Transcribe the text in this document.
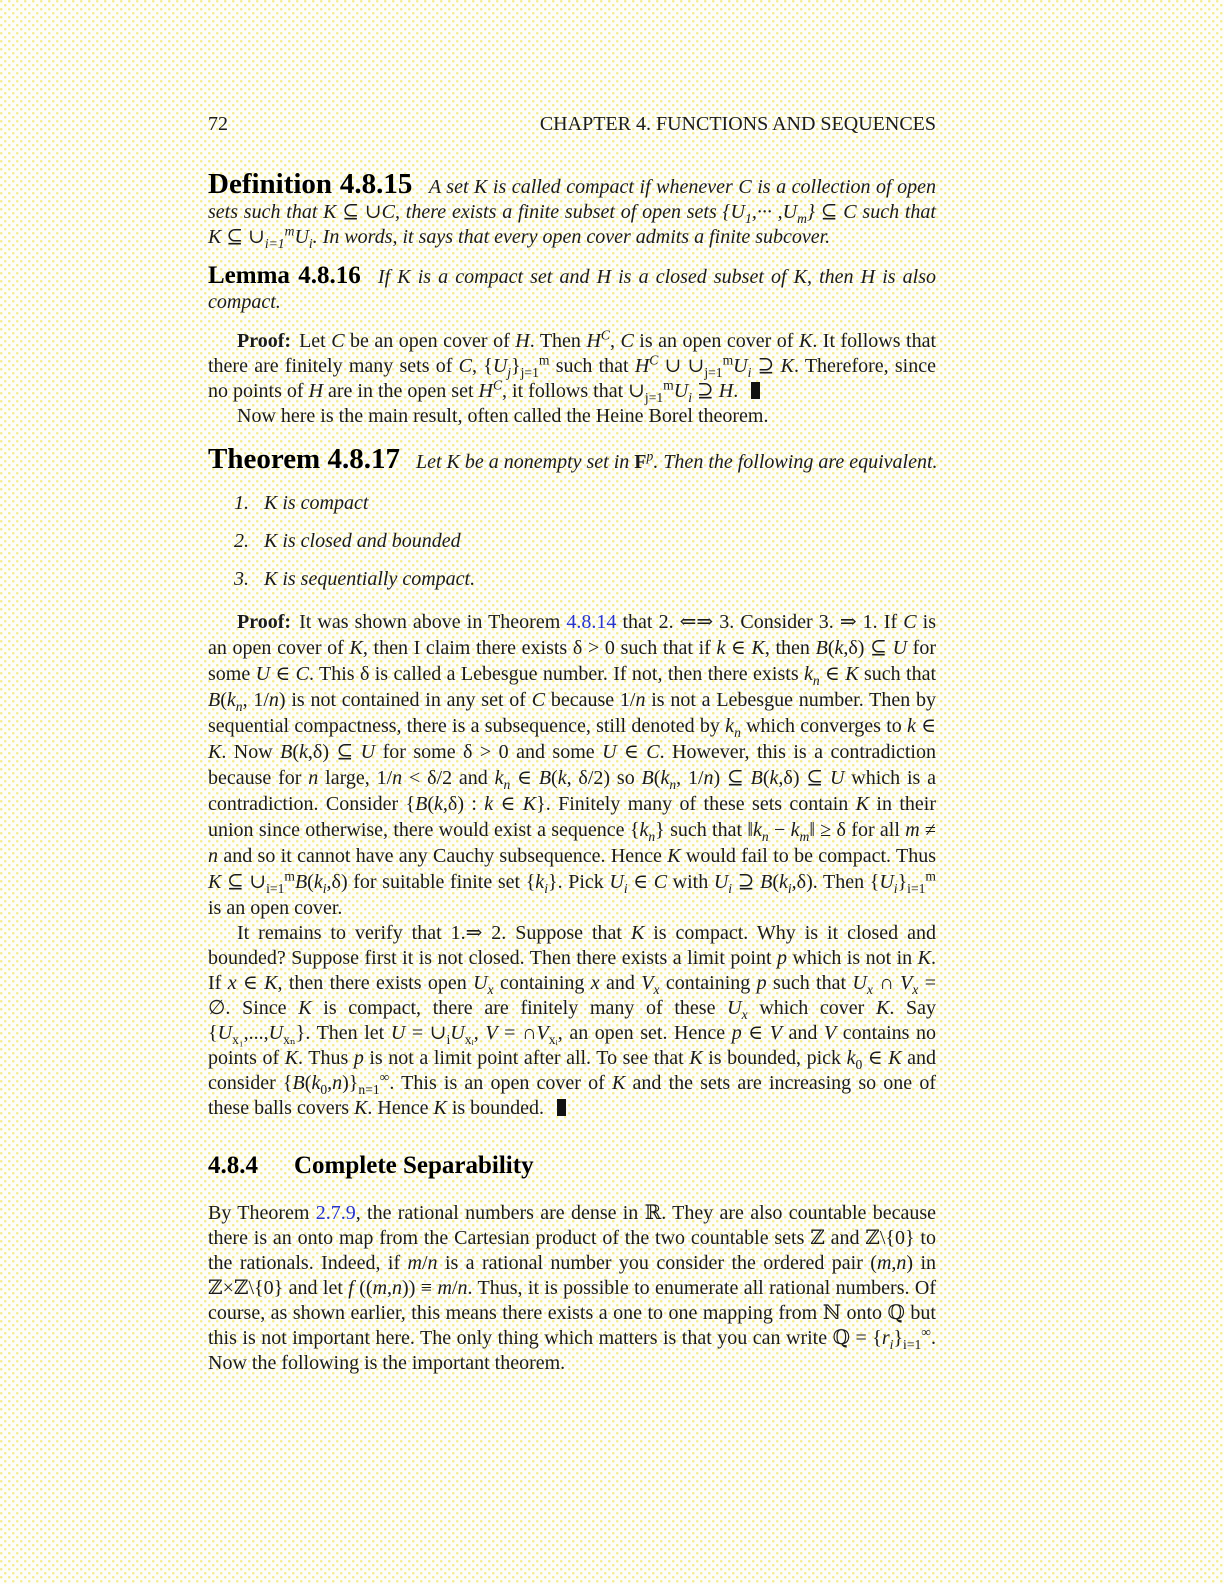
72	CHAPTER 4. FUNCTIONS AND SEQUENCES

Definition 4.8.15 A set K is called compact if whenever C is a collection of open sets such that K ⊆ ∪C, there exists a finite subset of open sets $\{U_1,\cdot\cdot\cdot ,U_m\}$ ⊆ C such that K ⊆ $\cup_{i=1}^mU_i$. In words, it says that every open cover admits a finite subcover.

Lemma 4.8.16 If K is a compact set and H is a closed subset of K, then H is also compact.

Proof: Let C be an open cover of H. Then $H^C$, C is an open cover of K. It follows that there are finitely many sets of C, $\{U_j\}_{j=1}^m$ such that $H^C$ ∪ $\cup_{j=1}^mU_i$ ⊇ K. Therefore, since no points of H are in the open set $H^C$, it follows that $\cup_{j=1}^mU_i$ ⊇ H.

Now here is the main result, often called the Heine Borel theorem.

Theorem 4.8.17 Let K be a nonempty set in $F^p$. Then the following are equivalent.

1. K is compact
2. K is closed and bounded
3. K is sequentially compact.

Proof: It was shown above in Theorem 4.8.14 that 2. ⇐⇒ 3. Consider 3. ⇒ 1. If C is an open cover of K, then I claim there exists δ > 0 such that if k ∈ K, then B(k,δ) ⊆ U for some U ∈ C. This δ is called a Lebesgue number. If not, then there exists $k_n$ ∈ K such that $B(k_n$, 1/n) is not contained in any set of C because 1/n is not a Lebesgue number. Then by sequential compactness, there is a subsequence, still denoted by $k_n$ which converges to k ∈ K. Now B(k,δ) ⊆ U for some δ > 0 and some U ∈ C. However, this is a contradiction because for n large, 1/n < δ/2 and $k_n$ ∈ B(k, δ/2) so $B(k_n$, 1/n) ⊆ B(k,δ) ⊆ U which is a contradiction. Consider {B(k,δ) : k ∈ K}. Finitely many of these sets contain K in their union since otherwise, there would exist a sequence $\{k_n\}$ such that $‖k_n$ − $k_m‖ \ge \delta$ for all m ≠ n and so it cannot have any Cauchy subsequence. Hence K would fail to be compact. Thus K ⊆ $\cup_{i=1}^mB(k_i,\delta)$ for suitable finite set $\{k_i\}$. Pick $U_i$ ∈ C with $U_i$ ⊇ $B(k_i,\delta)$. Then $\{U_i\}_{i=1}^m$ is an open cover.

It remains to verify that 1.⇒ 2. Suppose that K is compact. Why is it closed and bounded? Suppose first it is not closed. Then there exists a limit point p which is not in K. If x ∈ K, then there exists open $U_x$ containing x and $V_x$ containing p such that $U_x$ ∩ $V_x$ = ∅. Since K is compact, there are finitely many of these $U_x$ which cover K. Say $\{U_{x_1},...,U_{x_n}\}$. Then let $U = \cup_iU_{xᵢ}$, $V = \cap V_{xᵢ}$, an open set. Hence p ∈ V and V contains no points of K. Thus p is not a limit point after all. To see that K is bounded, pick $k_0$ ∈ K and consider $\{B(k_0,n)\}_{n=1}^\infty$. This is an open cover of K and the sets are increasing so one of these balls covers K. Hence K is bounded.

4.8.4 Complete Separability

By Theorem 2.7.9, the rational numbers are dense in ℝ. They are also countable because there is an onto map from the Cartesian product of the two countable sets ℤ and ℤ\{0} to the rationals. Indeed, if m/n is a rational number you consider the ordered pair (m,n) in ℤ×ℤ\{0} and let f ((m,n)) ≡ m/n. Thus, it is possible to enumerate all rational numbers. Of course, as shown earlier, this means there exists a one to one mapping from ℕ onto ℚ but this is not important here. The only thing which matters is that you can write ℚ = $\{r_i\}_{i=1}^\infty$. Now the following is the important theorem.
